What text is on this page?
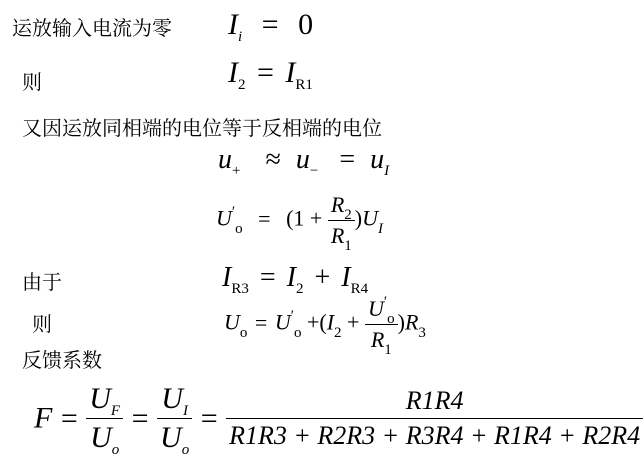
运放输入电流为零 $I_i = 0$
则	$I_2 = I_{R1}$
又因运放同相端的电位等于反相端的电位
$u_+ \approx u_- = u_I$
$U'_o = (1 + \frac{R_2}{R_1} )U_I$
由于	$I_{R3} = I_2 + I_{R4}$
则	$U_o = U'_o +(I_2 + \frac{U'_o}{R_1} )R_3$
反馈系数
$F = \frac{U_F}{U_o} = \frac{U_I}{U_o} = \frac{R1R4}{R1R3 + R2R3 + R3R4 + R1R4 + R2R4}$
